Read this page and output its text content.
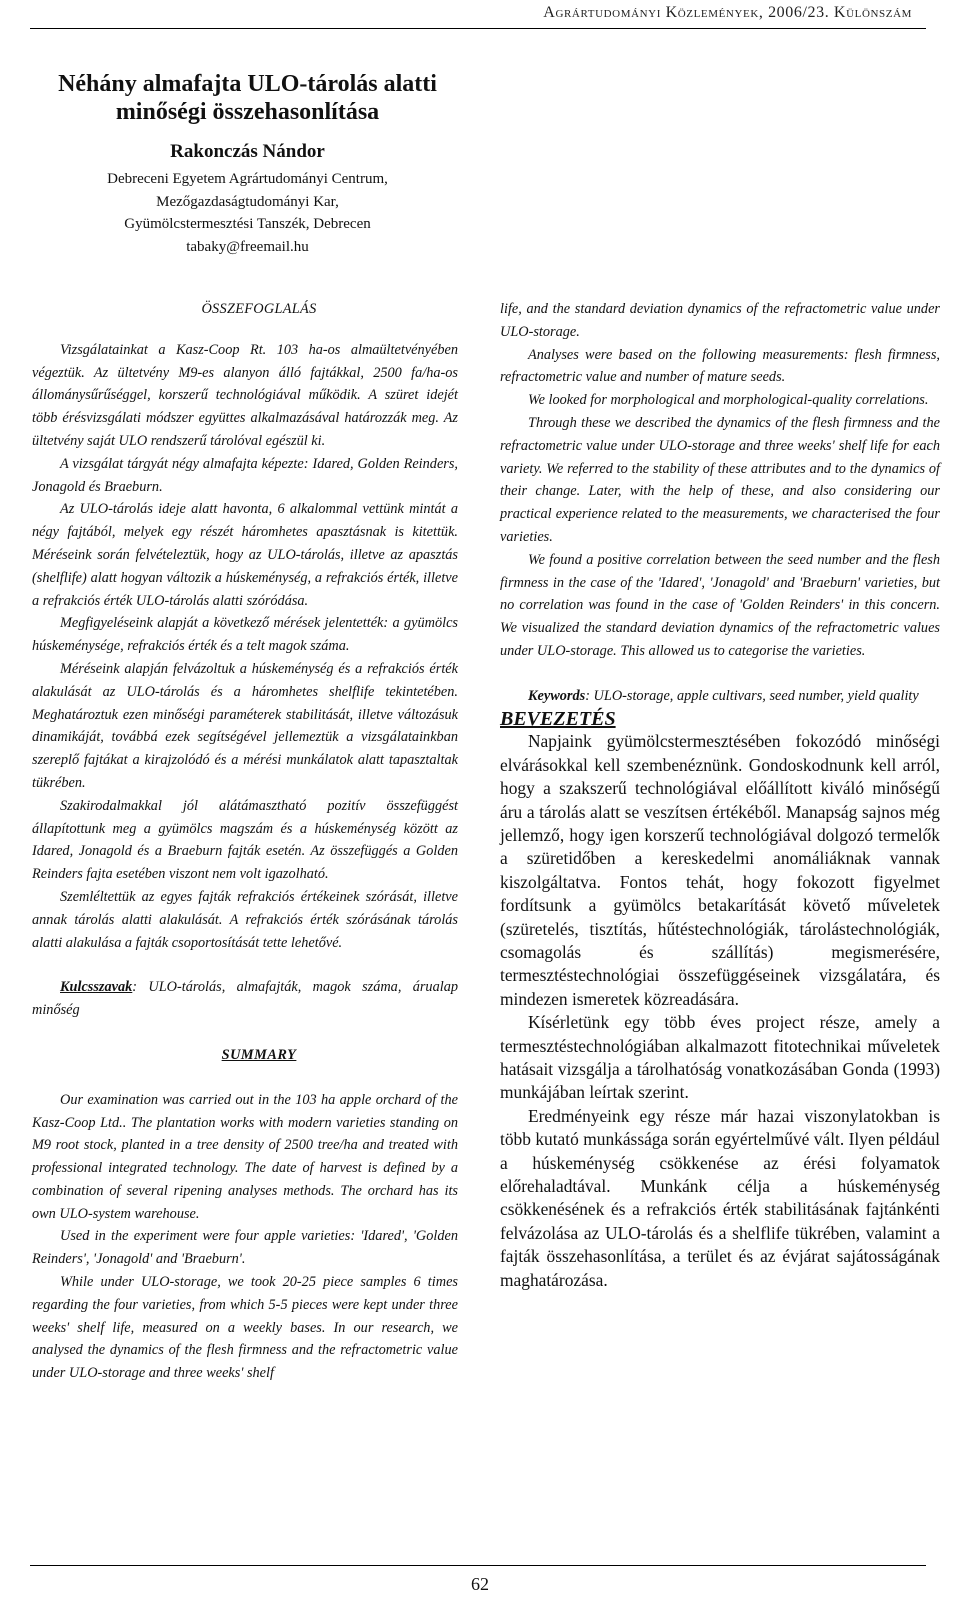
Agrártudományi Közlemények, 2006/23. Különszám

Néhány almafajta ULO-tárolás alatti

minőségi összehasonlítása

Rakonczás Nándor
Debreceni Egyetem Agrártudományi Centrum,
Mezőgazdaságtudományi Kar,
Gyümölcstermesztési Tanszék, Debrecen
tabaky@freemail.hu

ÖSSZEFOGLALÁS

Vizsgálatainkat a Kasz-Coop Rt. 103 ha-os almaültetvényében végeztük. Az ültetvény M9-es alanyon álló fajtákkal, 2500 fa/ha-os állománysűrűséggel, korszerű technológiával működik. A szüret idejét több érésvizsgálati módszer együttes alkalmazásával határozzák meg. Az ültetvény saját ULO rendszerű tárolóval egészül ki.

A vizsgálat tárgyát négy almafajta képezte: Idared, Golden Reinders, Jonagold és Braeburn.

Az ULO-tárolás ideje alatt havonta, 6 alkalommal vettünk mintát a négy fajtából, melyek egy részét háromhetes apasztásnak is kitettük. Méréseink során felvételeztük, hogy az ULO-tárolás, illetve az apasztás (shelflife) alatt hogyan változik a húskeménység, a refrakciós érték, illetve a refrakciós érték ULO-tárolás alatti szóródása.

Megfigyeléseink alapját a következő mérések jelentették: a gyümölcs húskeménysége, refrakciós érték és a telt magok száma.

Méréseink alapján felvázoltuk a húskeménység és a refrakciós érték alakulását az ULO-tárolás és a háromhetes shelflife tekintetében. Meghatároztuk ezen minőségi paraméterek stabilitását, illetve változásuk dinamikáját, továbbá ezek segítségével jellemeztük a vizsgálatainkban szereplő fajtákat a kirajzolódó és a mérési munkálatok alatt tapasztaltak tükrében.

Szakirodalmakkal jól alátámasztható pozitív összefüggést állapítottunk meg a gyümölcs magszám és a húskeménység között az Idared, Jonagold és a Braeburn fajták esetén. Az összefüggés a Golden Reinders fajta esetében viszont nem volt igazolható.

Szemléltettük az egyes fajták refrakciós értékeinek szórását, illetve annak tárolás alatti alakulását. A refrakciós érték szórásának tárolás alatti alakulása a fajták csoportosítását tette lehetővé.

Kulcsszavak: ULO-tárolás, almafajták, magok száma, árualap minőség

SUMMARY

Our examination was carried out in the 103 ha apple orchard of the Kasz-Coop Ltd.. The plantation works with modern varieties standing on M9 root stock, planted in a tree density of 2500 tree/ha and treated with professional integrated technology. The date of harvest is defined by a combination of several ripening analyses methods. The orchard has its own ULO-system warehouse.

Used in the experiment were four apple varieties: 'Idared', 'Golden Reinders', 'Jonagold' and 'Braeburn'.

While under ULO-storage, we took 20-25 piece samples 6 times regarding the four varieties, from which 5-5 pieces were kept under three weeks' shelf life, measured on a weekly bases. In our research, we analysed the dynamics of the flesh firmness and the refractometric value under ULO-storage and three weeks' shelf

life, and the standard deviation dynamics of the refractometric value under ULO-storage.

Analyses were based on the following measurements: flesh firmness, refractometric value and number of mature seeds.

We looked for morphological and morphological-quality correlations.

Through these we described the dynamics of the flesh firmness and the refractometric value under ULO-storage and three weeks' shelf life for each variety. We referred to the stability of these attributes and to the dynamics of their change. Later, with the help of these, and also considering our practical experience related to the measurements, we characterised the four varieties.

We found a positive correlation between the seed number and the flesh firmness in the case of the 'Idared', 'Jonagold' and 'Braeburn' varieties, but no correlation was found in the case of 'Golden Reinders' in this concern. We visualized the standard deviation dynamics of the refractometric values under ULO-storage. This allowed us to categorise the varieties.

Keywords: ULO-storage, apple cultivars, seed number, yield quality

BEVEZETÉS

Napjaink gyümölcstermesztésében fokozódó minőségi elvárásokkal kell szembenéznünk. Gondoskodnunk kell arról, hogy a szakszerű technológiával előállított kiváló minőségű áru a tárolás alatt se veszítsen értékéből. Manapság sajnos még jellemző, hogy igen korszerű technológiával dolgozó termelők a szüretidőben a kereskedelmi anomáliáknak vannak kiszolgáltatva. Fontos tehát, hogy fokozott figyelmet fordítsunk a gyümölcs betakarítását követő műveletek (szüretelés, tisztítás, hűtéstechnológiák, tárolástechnológiák, csomagolás és szállítás) megismerésére, termesztéstechnológiai összefüggéseinek vizsgálatára, és mindezen ismeretek közreadására.

Kísérletünk egy több éves project része, amely a termesztéstechnológiában alkalmazott fitotechnikai műveletek hatásait vizsgálja a tárolhatóság vonatkozásában Gonda (1993) munkájában leírtak szerint.

Eredményeink egy része már hazai viszonylatokban is több kutató munkássága során egyértelművé vált. Ilyen például a húskeménység csökkenése az érési folyamatok előrehaladtával. Munkánk célja a húskeménység csökkenésének és a refrakciós érték stabilitásának fajtánkénti felvázolása az ULO-tárolás és a shelflife tükrében, valamint a fajták összehasonlítása, a terület és az évjárat sajátosságának maghatározása.

62
